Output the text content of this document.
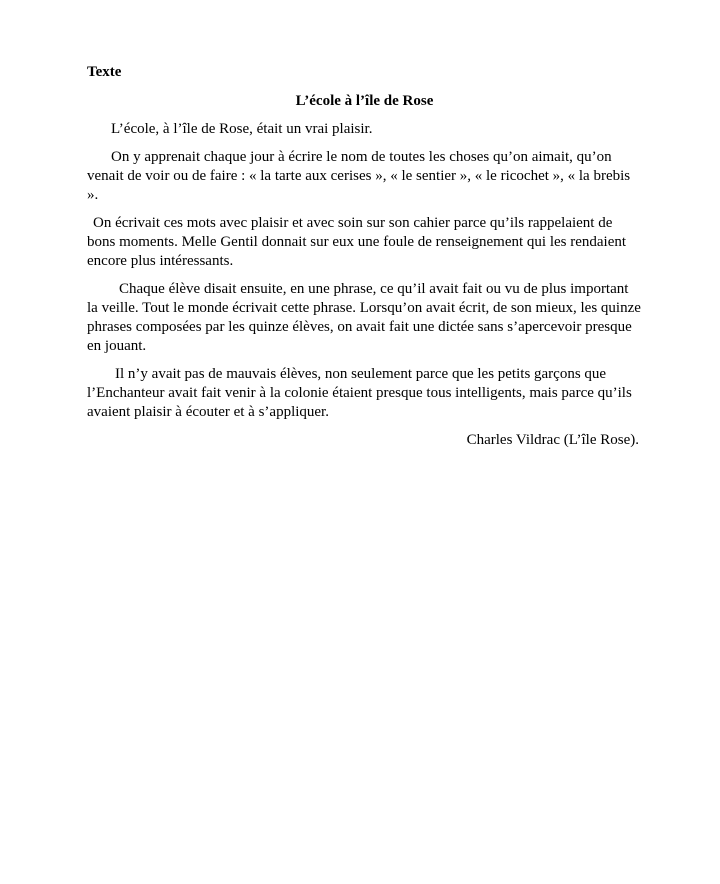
Texte
L’école à l’île de Rose

L’école, à l’île de Rose, était un vrai plaisir.

On y apprenait chaque jour à écrire le nom de toutes les choses qu’on aimait, qu’on venait de voir ou de faire : « la tarte aux cerises », « le sentier », « le ricochet », « la brebis ».

On écrivait ces mots avec plaisir et avec soin sur son cahier parce qu’ils rappelaient de bons moments. Melle Gentil donnait sur eux une foule de renseignement qui les rendaient encore plus intéressants.

Chaque élève disait ensuite, en une phrase, ce qu’il avait fait ou vu de plus important la veille. Tout le monde écrivait cette phrase. Lorsqu’on avait écrit, de son mieux, les quinze phrases composées par les quinze élèves, on avait fait une dictée sans s’apercevoir presque en jouant.

Il n’y avait pas de mauvais élèves, non seulement parce que les petits garçons que l’Enchanteur avait fait venir à la colonie étaient presque tous intelligents, mais parce qu’ils avaient plaisir à écouter et à s’appliquer.

Charles Vildrac (L’île Rose).
